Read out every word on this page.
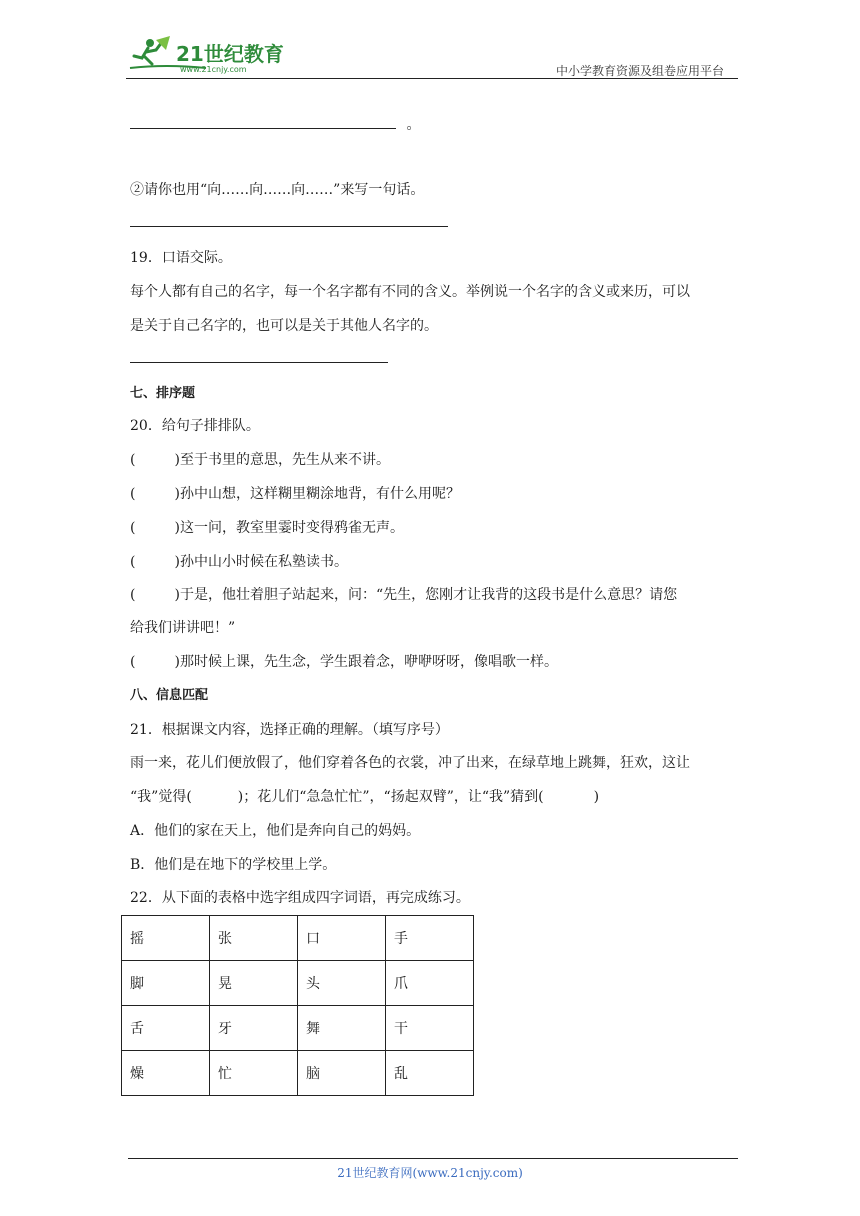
21世纪教育
www.21cnjy.com	中小学教育资源及组卷应用平台
。
②请你也用“向……向……向……”来写一句话。
19．口语交际。
每个人都有自己的名字，每一个名字都有不同的含义。举例说一个名字的含义或来历，可以
是关于自己名字的，也可以是关于其他人名字的。
七、排序题
20．给句子排排队。
(	) 至于书里的意思，先生从来不讲。
(	) 孙中山想，这样糊里糊涂地背，有什么用呢？
(	) 这一问，教室里霎时变得鸦雀无声。
(	) 孙中山小时候在私塾读书。
(	) 于是，他壮着胆子站起来，问：“先生，您刚才让我背的这段书是什么意思？请您
给我们讲讲吧！”
(	) 那时候上课，先生念，学生跟着念，咿咿呀呀，像唱歌一样。
八、信息匹配
21．根据课文内容，选择正确的理解。（填写序号）
雨一来，花儿们便放假了，他们穿着各色的衣裳，冲了出来，在绿草地上跳舞，狂欢，这让
“我”觉得(	)；花儿们“急急忙忙”，“扬起双臂”，让“我”猜到(	)
A．他们的家在天上，他们是奔向自己的妈妈。
B．他们是在地下的学校里上学。
22．从下面的表格中选字组成四字词语，再完成练习。
摇	张	口	手
脚	晃	头	爪
舌	牙	舞	干
燥	忙	脑	乱
21世纪教育网(www.21cnjy.com)
